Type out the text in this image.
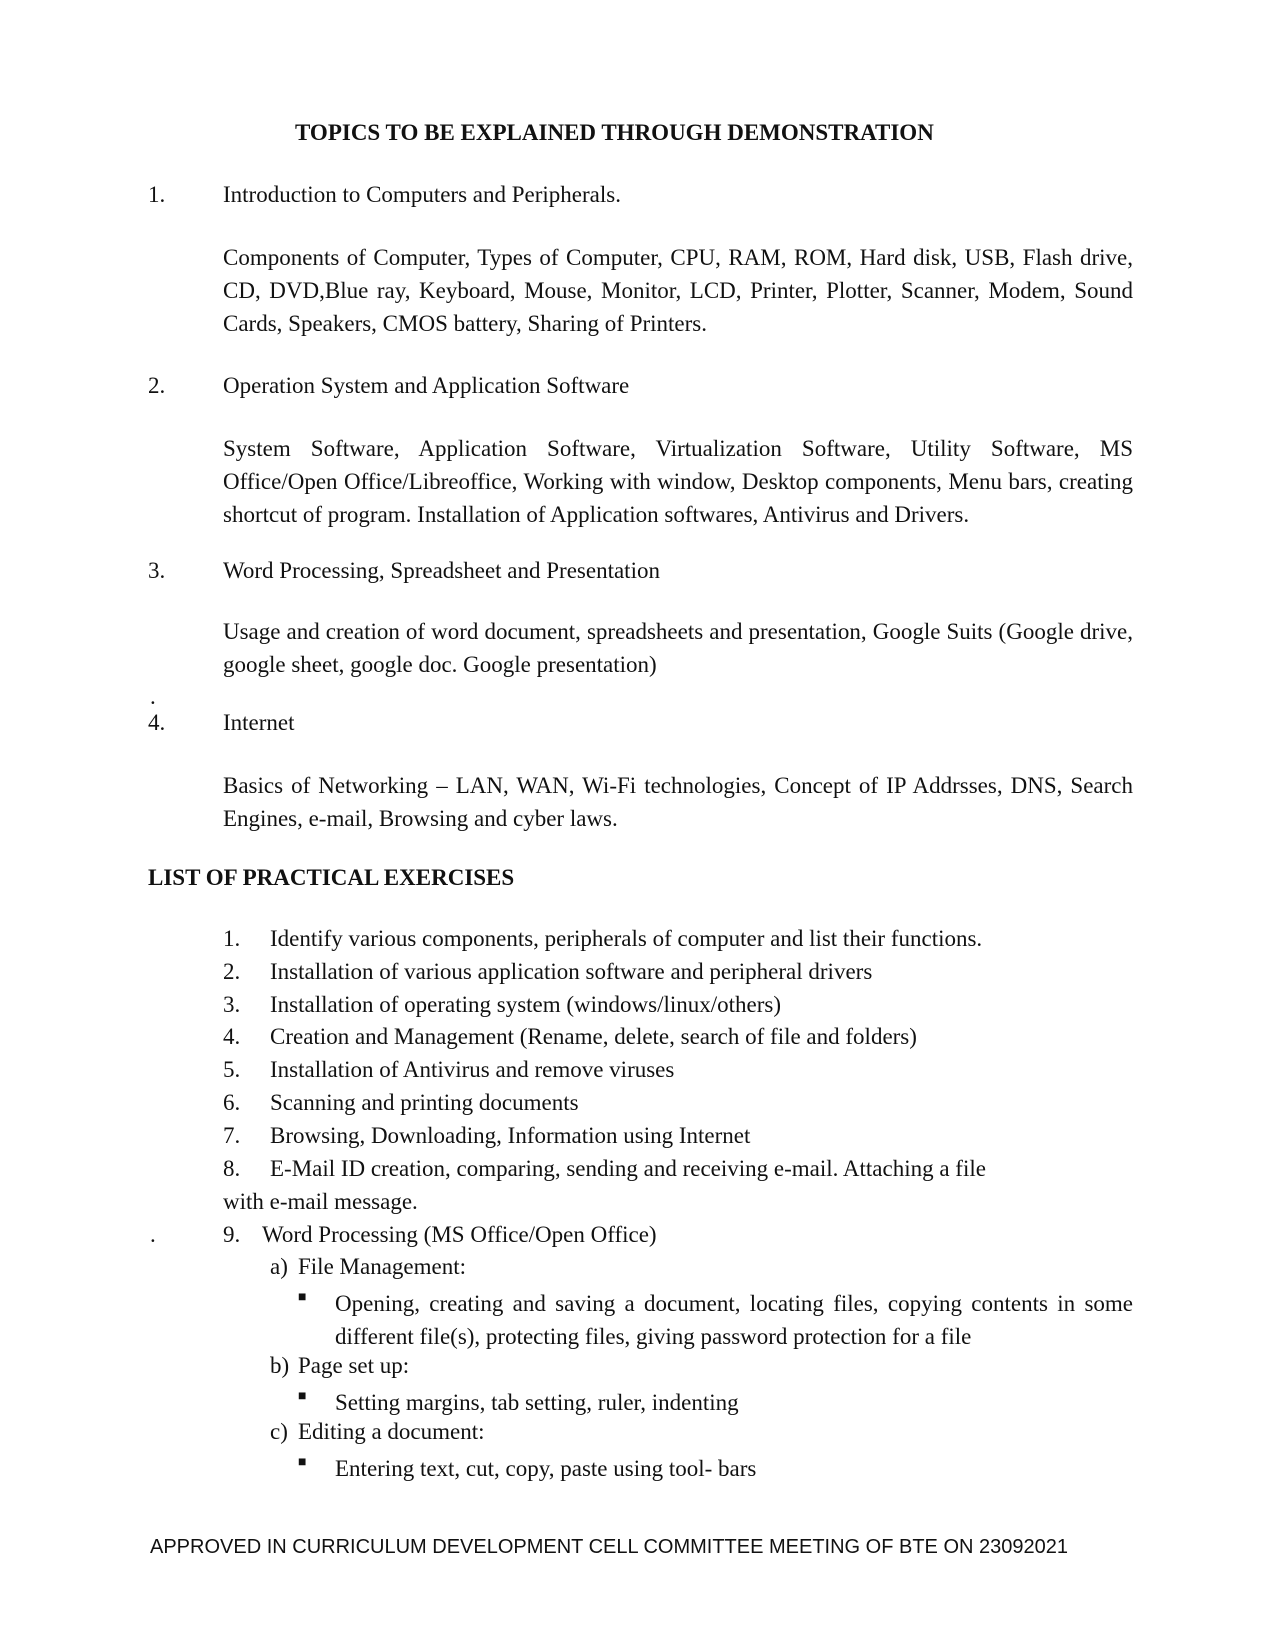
TOPICS TO BE EXPLAINED THROUGH DEMONSTRATION
1.	Introduction to Computers and Peripherals.
Components of Computer, Types of Computer, CPU, RAM, ROM, Hard disk, USB, Flash drive, CD, DVD,Blue ray, Keyboard, Mouse, Monitor, LCD, Printer, Plotter, Scanner, Modem, Sound Cards, Speakers, CMOS battery, Sharing of Printers.
2.	Operation System and Application Software
System Software, Application Software, Virtualization Software, Utility Software, MS Office/Open Office/Libreoffice, Working with window, Desktop components, Menu bars, creating shortcut of program. Installation of Application softwares, Antivirus and Drivers.
3.	Word Processing, Spreadsheet and Presentation
Usage and creation of word document, spreadsheets and presentation, Google Suits (Google drive, google sheet, google doc. Google presentation)
.
4.	Internet
Basics of Networking – LAN, WAN, Wi-Fi technologies, Concept of IP Addrsses, DNS, Search Engines, e-mail, Browsing and cyber laws.
LIST OF PRACTICAL EXERCISES
1. Identify various components, peripherals of computer and list their functions.
2. Installation of various application software and peripheral drivers
3. Installation of operating system (windows/linux/others)
4. Creation and Management (Rename, delete, search of file and folders)
5. Installation of Antivirus and remove viruses
6. Scanning and printing documents
7. Browsing, Downloading, Information using Internet
8. E-Mail ID creation, comparing, sending and receiving e-mail. Attaching a file
with e-mail message.
.	9. Word Processing (MS Office/Open Office)
a) File Management:
■ Opening, creating and saving a document, locating files, copying contents in some different file(s), protecting files, giving password protection for a file
b) Page set up:
■ Setting margins, tab setting, ruler, indenting
c) Editing a document:
■ Entering text, cut, copy, paste using tool- bars
APPROVED IN CURRICULUM DEVELOPMENT CELL COMMITTEE MEETING OF BTE ON 23092021
